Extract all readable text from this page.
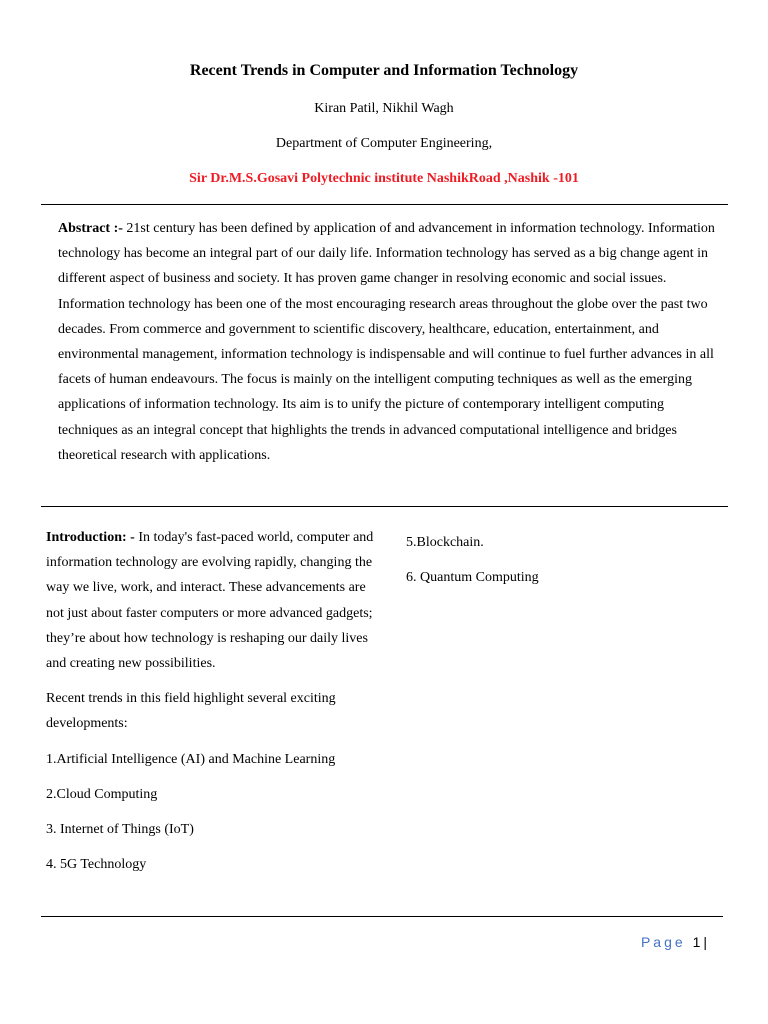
Recent Trends in Computer and Information Technology
Kiran Patil, Nikhil Wagh
Department of Computer Engineering,
Sir Dr.M.S.Gosavi Polytechnic institute NashikRoad ,Nashik -101

Abstract :- 21st century has been defined by application of and advancement in information technology. Information technology has become an integral part of our daily life. Information technology has served as a big change agent in different aspect of business and society. It has proven game changer in resolving economic and social issues. Information technology has been one of the most encouraging research areas throughout the globe over the past two decades. From commerce and government to scientific discovery, healthcare, education, entertainment, and environmental management, information technology is indispensable and will continue to fuel further advances in all facets of human endeavours. The focus is mainly on the intelligent computing techniques as well as the emerging applications of information technology. Its aim is to unify the picture of contemporary intelligent computing techniques as an integral concept that highlights the trends in advanced computational intelligence and bridges theoretical research with applications.

Introduction: - In today's fast-paced world, computer and information technology are evolving rapidly, changing the way we live, work, and interact. These advancements are not just about faster computers or more advanced gadgets; they’re about how technology is reshaping our daily lives and creating new possibilities.

Recent trends in this field highlight several exciting developments:

1.Artificial Intelligence (AI) and Machine Learning

2.Cloud Computing

3. Internet of Things (IoT)

4. 5G Technology

5.Blockchain.

6. Quantum Computing

Page 1|
